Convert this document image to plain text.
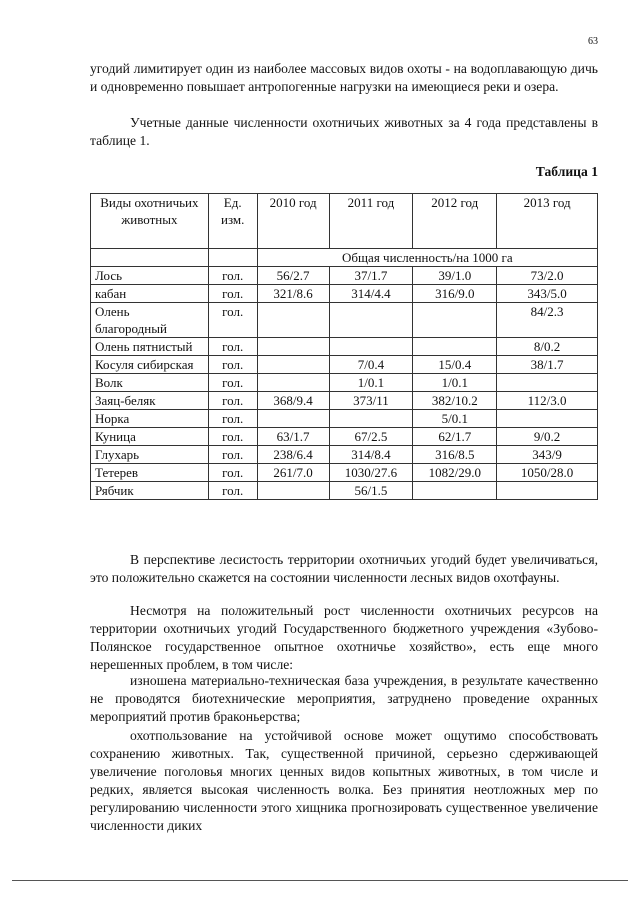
63

угодий лимитирует один из наиболее массовых видов охоты - на водоплавающую дичь и одновременно повышает антропогенные нагрузки на имеющиеся реки и озера.

Учетные данные численности охотничьих животных за 4 года представлены в таблице 1.

Таблица 1
Виды охотничьих животных	Ед. изм.	2010 год	2011 год	2012 год	2013 год
		Общая численность/на 1000 га			
Лось	гол.	56/2.7	37/1.7	39/1.0	73/2.0
кабан	гол.	321/8.6	314/4.4	316/9.0	343/5.0
Олень благородный	гол.				84/2.3
Олень пятнистый	гол.				8/0.2
Косуля сибирская	гол.		7/0.4	15/0.4	38/1.7
Волк	гол.		1/0.1	1/0.1	
Заяц-беляк	гол.	368/9.4	373/11	382/10.2	112/3.0
Норка	гол.			5/0.1	
Куница	гол.	63/1.7	67/2.5	62/1.7	9/0.2
Глухарь	гол.	238/6.4	314/8.4	316/8.5	343/9
Тетерев	гол.	261/7.0	1030/27.6	1082/29.0	1050/28.0
Рябчик	гол.		56/1.5		

В перспективе лесистость территории охотничьих угодий будет увеличиваться, это положительно скажется на состоянии численности лесных видов охотфауны.

Несмотря на положительный рост численности охотничьих ресурсов на территории охотничьих угодий Государственного бюджетного учреждения «Зубово-Полянское государственное опытное охотничье хозяйство», есть еще много нерешенных проблем, в том числе:

изношена материально-техническая база учреждения, в результате качественно не проводятся биотехнические мероприятия, затруднено проведение охранных мероприятий против браконьерства;

охотпользование на устойчивой основе может ощутимо способствовать сохранению животных. Так, существенной причиной, серьезно сдерживающей увеличение поголовья многих ценных видов копытных животных, в том числе и редких, является высокая численность волка. Без принятия неотложных мер по регулированию численности этого хищника прогнозировать существенное увеличение численности диких
